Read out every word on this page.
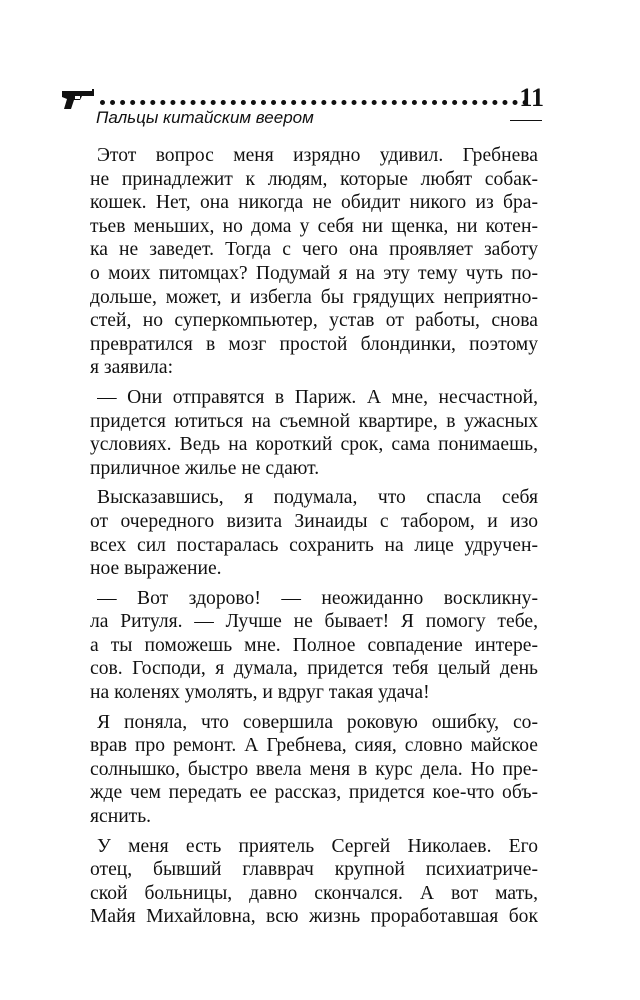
11
Пальцы китайским веером
Этот вопрос меня изрядно удивил. Гребнева
не принадлежит к людям, которые любят собак-
кошек. Нет, она никогда не обидит никого из бра-
тьев меньших, но дома у себя ни щенка, ни котен-
ка не заведет. Тогда с чего она проявляет заботу
о моих питомцах? Подумай я на эту тему чуть по-
дольше, может, и избегла бы грядущих неприятно-
стей, но суперкомпьютер, устав от работы, снова
превратился в мозг простой блондинки, поэтому
я заявила:
— Они отправятся в Париж. А мне, несчастной,
придется ютиться на съемной квартире, в ужасных
условиях. Ведь на короткий срок, сама понимаешь,
приличное жилье не сдают.
Высказавшись, я подумала, что спасла себя
от очередного визита Зинаиды с табором, и изо
всех сил постаралась сохранить на лице удручен-
ное выражение.
— Вот здорово! — неожиданно воскликну-
ла Ритуля. — Лучше не бывает! Я помогу тебе,
а ты поможешь мне. Полное совпадение интере-
сов. Господи, я думала, придется тебя целый день
на коленях умолять, и вдруг такая удача!
Я поняла, что совершила роковую ошибку, со-
врав про ремонт. А Гребнева, сияя, словно майское
солнышко, быстро ввела меня в курс дела. Но пре-
жде чем передать ее рассказ, придется кое-что объ-
яснить.
У меня есть приятель Сергей Николаев. Его
отец, бывший главврач крупной психиатриче-
ской больницы, давно скончался. А вот мать,
Майя Михайловна, всю жизнь проработавшая бок
